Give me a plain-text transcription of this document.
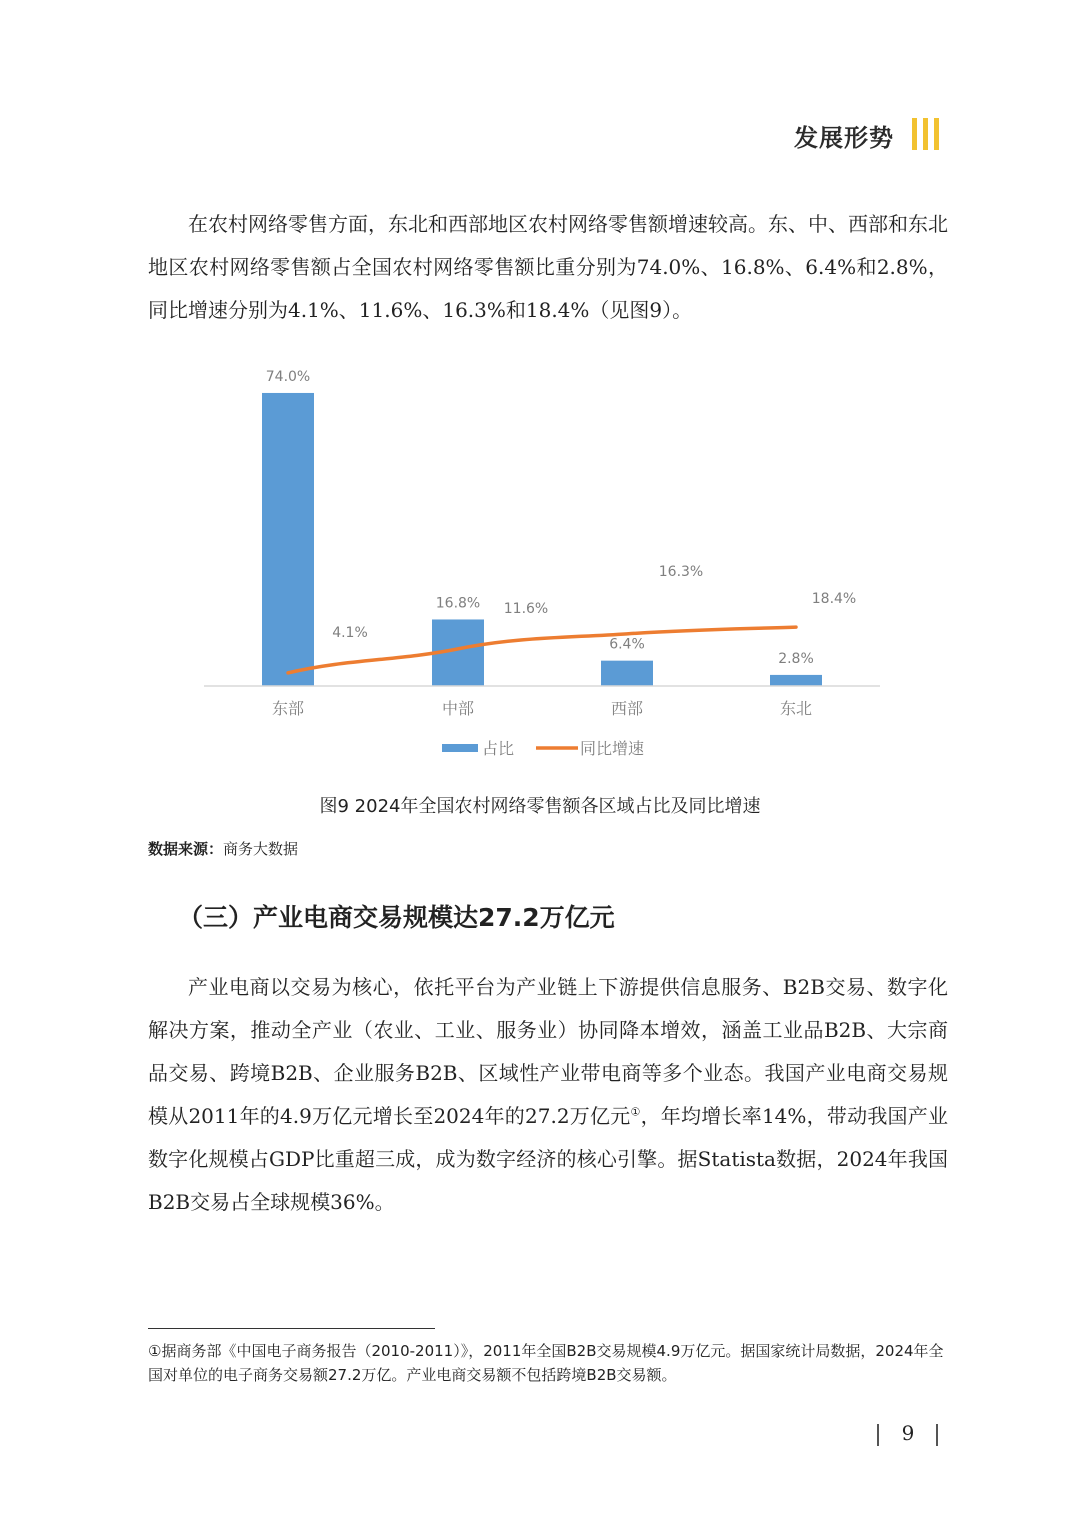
发展形势

在农村网络零售方面，东北和西部地区农村网络零售额增速较高。东、中、西部和东北地区农村网络零售额占全国农村网络零售额比重分别为74.0%、16.8%、6.4%和2.8%，同比增速分别为4.1%、11.6%、16.3%和18.4%（见图9）。

4.1%
11.6%
16.3%
18.4%
74.0%
16.8%
6.4%
2.8%
东部	中部	西部	东北
占比	同比增速
图9 2024年全国农村网络零售额各区域占比及同比增速
数据来源：商务大数据
（三）产业电商交易规模达27.2万亿元

产业电商以交易为核心，依托平台为产业链上下游提供信息服务、B2B交易、数字化解决方案，推动全产业（农业、工业、服务业）协同降本增效，涵盖工业品B2B、大宗商品交易、跨境B2B、企业服务B2B、区域性产业带电商等多个业态。我国产业电商交易规模从2011年的4.9万亿元增长至2024年的27.2万亿元①，年均增长率14%，带动我国产业数字化规模占GDP比重超三成，成为数字经济的核心引擎。据Statista数据，2024年我国B2B交易占全球规模36%。

①据商务部《中国电子商务报告（2010-2011）》，2011年全国B2B交易规模4.9万亿元。据国家统计局数据，2024年全国对单位的电子商务交易额27.2万亿。产业电商交易额不包括跨境B2B交易额。

9
